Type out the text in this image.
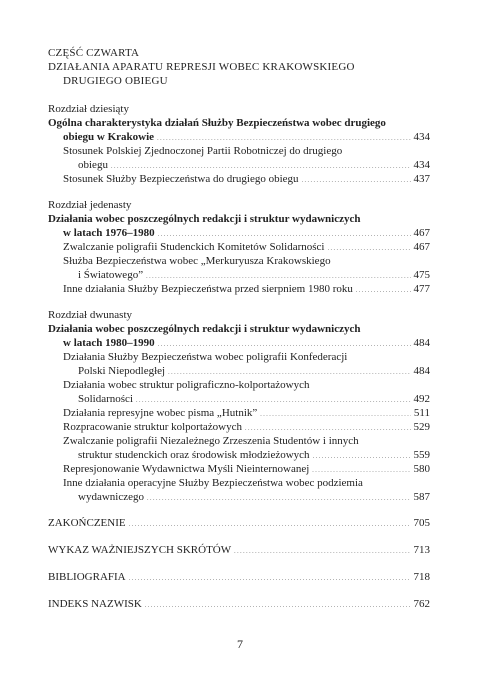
CZĘŚĆ CZWARTA
DZIAŁANIA APARATU REPRESJI WOBEC KRAKOWSKIEGO
DRUGIEGO OBIEGU
Rozdział dziesiąty
Ogólna charakterystyka działań Służby Bezpieczeństwa wobec drugiego
obiegu w Krakowie . . .	434
Stosunek Polskiej Zjednoczonej Partii Robotniczej do drugiego
obiegu . . .	434
Stosunek Służby Bezpieczeństwa do drugiego obiegu . . .	437
Rozdział jedenasty
Działania wobec poszczególnych redakcji i struktur wydawniczych
w latach 1976–1980 . . .	467
Zwalczanie poligrafii Studenckich Komitetów Solidarności . . .	467
Służba Bezpieczeństwa wobec „Merkuryusza Krakowskiego
i Światowego” . . .	475
Inne działania Służby Bezpieczeństwa przed sierpniem 1980 roku . . .	477
Rozdział dwunasty
Działania wobec poszczególnych redakcji i struktur wydawniczych
w latach 1980–1990 . . .	484
Działania Służby Bezpieczeństwa wobec poligrafii Konfederacji
Polski Niepodległej . . .	484
Działania wobec struktur poligraficzno-kolportażowych
Solidarności . . .	492
Działania represyjne wobec pisma „Hutnik” . . .	511
Rozpracowanie struktur kolportażowych . . .	529
Zwalczanie poligrafii Niezależnego Zrzeszenia Studentów i innych
struktur studenckich oraz środowisk młodzieżowych . . .	559
Represjonowanie Wydawnictwa Myśli Nieinternowanej . . .	580
Inne działania operacyjne Służby Bezpieczeństwa wobec podziemia
wydawniczego . . .	587
ZAKOŃCZENIE . . .	705
WYKAZ WAŻNIEJSZYCH SKRÓTÓW . . .	713
BIBLIOGRAFIA . . .	718
INDEKS NAZWISK . . .	762
7
